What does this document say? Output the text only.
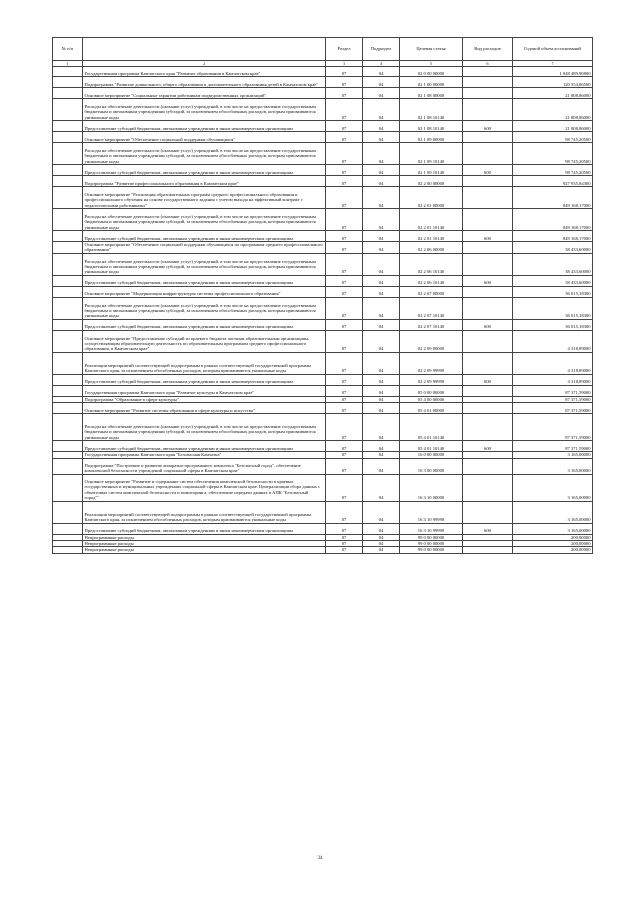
№ п/п		Раздел	Подраздел	Целевая статья	Вид расходов	Годовой объем ассигнований
1	2	3	4	5	6	7
	Государственная программа Камчатского края "Развитие образования в Камчатском крае"	07	04	02 0 00 00000		1 048 489,90800
	Подпрограмма "Развитие дошкольного, общего образования и дополнительного образования детей в Камчатском крае"	07	04	02 1 00 00000		120 554,06500
	Основное мероприятие "Социальные гарантии работникам подведомственных организаций"	07	04	02 1 08 00000		21 808,86000
	Расходы на обеспечение деятельности (оказание услуг) учреждений, в том числе на предоставление государственным бюджетным и автономным учреждениям субсидий, за исключением обособленных расходов, которым присваиваются уникальные коды	07	04	02 1 08 10140		21 808,86000
	Предоставление субсидий бюджетным, автономным учреждениям и иным некоммерческим организациям	07	04	02 1 08 10140	600	21 808,86000
	Основное мероприятие "Обеспечение социальной поддержки обучающихся"	07	04	02 1 09 00000		98 745,20500
	Расходы на обеспечение деятельности (оказание услуг) учреждений, в том числе на предоставление государственным бюджетным и автономным учреждениям субсидий, за исключением обособленных расходов, которым присваиваются уникальные коды	07	04	02 1 09 10140		98 745,20500
	Предоставление субсидий бюджетным, автономным учреждениям и иным некоммерческим организациям	07	04	02 1 09 10140	600	98 745,20500
	Подпрограмма "Развитие профессионального образования в Камчатском крае"	07	04	02 2 00 00000		927 935,84300
	Основное мероприятие "Реализация образовательных программ среднего профессионального образования и профессионального обучения на основе государственного задания с учетом выхода на эффективный контракт с педагогическими работниками"	07	04	02 2 01 00000		849 168,17000
	Расходы на обеспечение деятельности (оказание услуг) учреждений, в том числе на предоставление государственным бюджетным и автономным учреждениям субсидий, за исключением обособленных расходов, которым присваиваются уникальные коды	07	04	02 2 01 10140		849 168,17000
	Предоставление субсидий бюджетным, автономным учреждениям и иным некоммерческим организациям	07	04	02 2 01 10140	600	849 168,17000
	Основное мероприятие "Обеспечение социальной поддержки обучающихся по программам среднего профессионального образования"	07	04	02 2 06 00000		38 433,60000
	Расходы на обеспечение деятельности (оказание услуг) учреждений, в том числе на предоставление государственным бюджетным и автономным учреждениям субсидий, за исключением обособленных расходов, которым присваиваются уникальные коды	07	04	02 2 06 10140		38 433,60000
	Предоставление субсидий бюджетным, автономным учреждениям и иным некоммерческим организациям	07	04	02 2 06 10140	600	38 433,60000
	Основное мероприятие "Модернизация инфраструктуры системы профессионального образования"	07	04	02 2 07 00000		36 015,18300
	Расходы на обеспечение деятельности (оказание услуг) учреждений, в том числе на предоставление государственным бюджетным и автономным учреждениям субсидий, за исключением обособленных расходов, которым присваиваются уникальные коды	07	04	02 2 07 10140		36 015,18300
	Предоставление субсидий бюджетным, автономным учреждениям и иным некоммерческим организациям	07	04	02 2 07 10140	600	36 015,18300
	Основное мероприятие "Предоставление субсидий из краевого бюджета частным образовательным организациям, осуществляющим образовательную деятельность по образовательным программам среднего профессионального образования, в Камчатском крае"	07	04	02 2 09 00000		4 318,89000
	Реализация мероприятий соответствующей подпрограммы в рамках соответствующей государственной программы Камчатского края, за исключением обособленных расходов, которым присваиваются уникальные коды	07	04	02 2 09 99990		4 318,89000
	Предоставление субсидий бюджетным, автономным учреждениям и иным некоммерческим организациям	07	04	02 2 09 99990	600	4 318,89000
	Государственная программа Камчатского края "Развитие культуры в Камчатском крае"	07	04	05 0 00 00000		87 371,59000
	Подпрограмма "Образование в сфере культуры"	07	04	05 4 00 00000		87 371,59000
	Основное мероприятие "Развитие системы образования в сфере культуры и искусства"	07	04	05 4 01 00000		87 371,59000
	Расходы на обеспечение деятельности (оказание услуг) учреждений, в том числе на предоставление государственным бюджетным и автономным учреждениям субсидий, за исключением обособленных расходов, которым присваиваются уникальные коды	07	04	05 4 01 10140		87 371,59000
	Предоставление субсидий бюджетным, автономным учреждениям и иным некоммерческим организациям	07	04	05 4 01 10140	600	87 371,59000
	Государственная программа Камчатского края "Безопасная Камчатка"	07	04	16 0 00 00000		3 165,00000
	Подпрограмма "Построение и развитие аппаратно-программного комплекса "Безопасный город", обеспечение комплексной безопасности учреждений социальной сферы в Камчатском крае"	07	04	16 3 00 00000		3 165,00000
	Основное мероприятие "Развитие и содержание систем обеспечения комплексной безопасности в краевых государственных и муниципальных учреждениях социальной сферы в Камчатском крае. Централизация сбора данных с объектовых систем комплексной безопасности и мониторинга, обеспечение передачи данных в АПК "Безопасный город""	07	04	16 3 10 00000		3 165,00000
	Реализация мероприятий соответствующей подпрограммы в рамках соответствующей государственной программы Камчатского края, за исключением обособленных расходов, которым присваиваются уникальные коды	07	04	16 3 10 99990		3 165,00000
	Предоставление субсидий бюджетным, автономным учреждениям и иным некоммерческим организациям	07	04	16 3 10 99990	600	3 165,00000
	Непрограммные расходы	07	04	99 0 00 00000		200,00000
	Непрограммные расходы	07	04	99 0 00 00000		200,00000
	Непрограммные расходы	07	04	99 0 00 00000		200,00000
34
